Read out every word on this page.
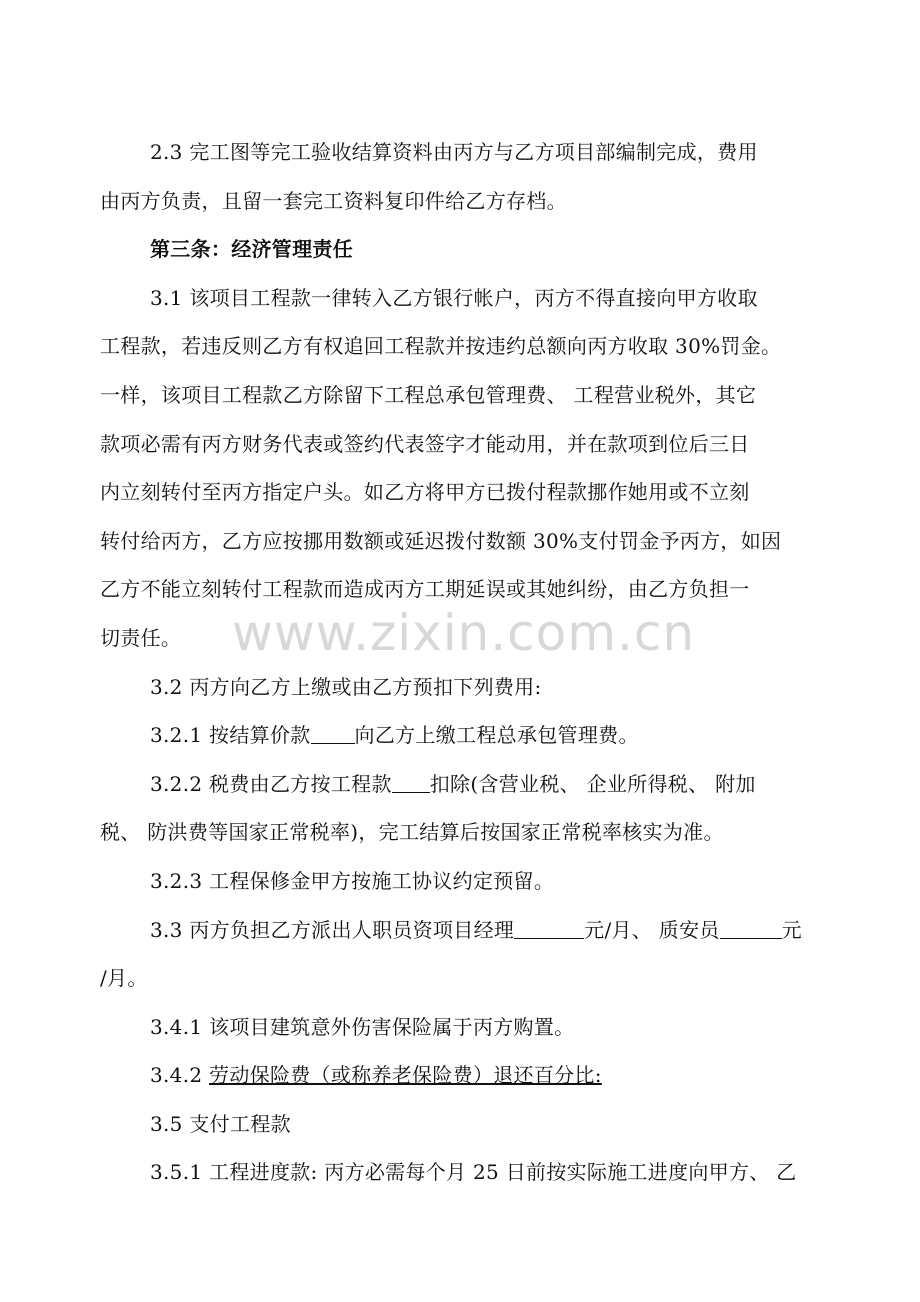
www.zixin.com.cn
2.3 完工图等完工验收结算资料由丙方与乙方项目部编制完成，费用
由丙方负责，且留一套完工资料复印件给乙方存档。
第三条：经济管理责任
3.1 该项目工程款一律转入乙方银行帐户，丙方不得直接向甲方收取
工程款，若违反则乙方有权追回工程款并按违约总额向丙方收取 30%罚金。
一样，该项目工程款乙方除留下工程总承包管理费、 工程营业税外，其它
款项必需有丙方财务代表或签约代表签字才能动用，并在款项到位后三日
内立刻转付至丙方指定户头。如乙方将甲方已拨付程款挪作她用或不立刻
转付给丙方，乙方应按挪用数额或延迟拨付数额 30%支付罚金予丙方，如因
乙方不能立刻转付工程款而造成丙方工期延误或其她纠纷，由乙方负担一
切责任。
3.2 丙方向乙方上缴或由乙方预扣下列费用:
3.2.1 按结算价款 向乙方上缴工程总承包管理费。
3.2.2 税费由乙方按工程款 扣除(含营业税、 企业所得税、 附加
税、 防洪费等国家正常税率)，完工结算后按国家正常税率核实为准。
3.2.3 工程保修金甲方按施工协议约定预留。
3.3 丙方负担乙方派出人职员资项目经理	元/月、 质安员	元
/月。
3.4.1 该项目建筑意外伤害保险属于丙方购置。
3.4.2 劳动保险费（或称养老保险费）退还百分比:
3.5 支付工程款
3.5.1 工程进度款: 丙方必需每个月 25 日前按实际施工进度向甲方、 乙
